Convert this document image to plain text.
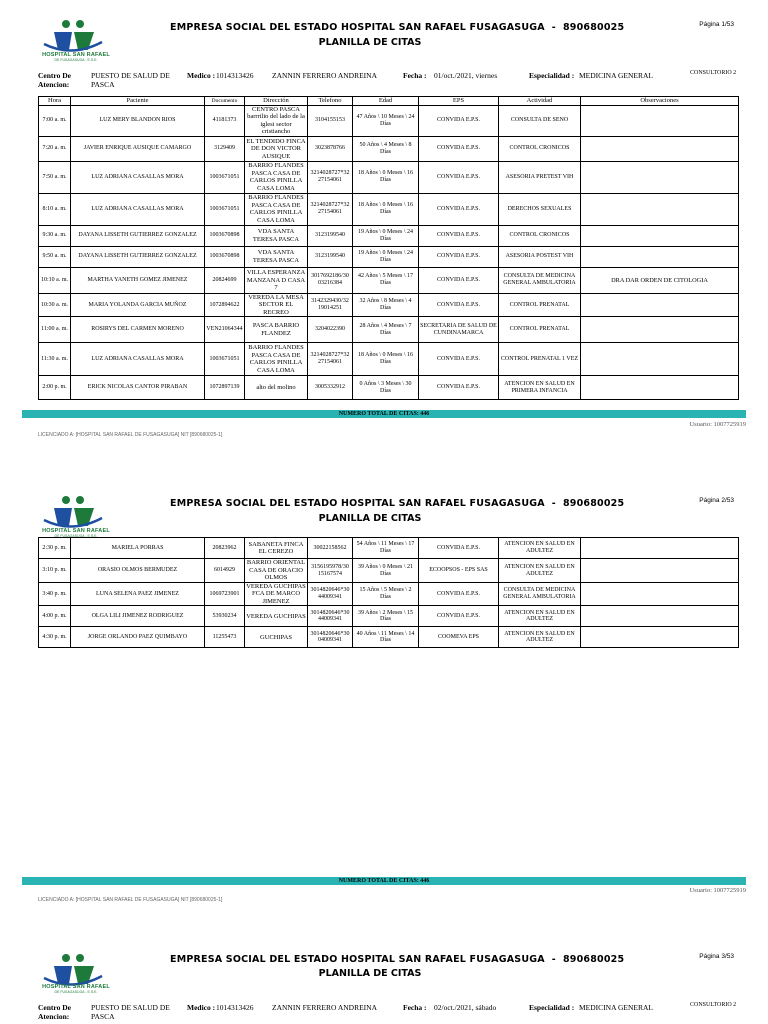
HOSPITAL SAN RAFAEL
DE FUSAGASUGA - E.S.E.
EMPRESA SOCIAL DEL ESTADO HOSPITAL SAN RAFAEL FUSAGASUGA - 890680025
PLANILLA DE CITAS
Página 1/53
Centro De Atencion:
PUESTO DE SALUD DE PASCA
Medico : 1014313426 ZANNIN FERRERO ANDREINA	Fecha : 01/oct./2021, viernes	Especialidad : MEDICINA GENERAL	CONSULTORIO 2
Hora	Paciente	Documento	Dirección	Telefono	Edad	EPS	Actividad	Observaciones
7:00 a. m.	LUZ MERY BLANDON RIOS	41181373	CENTRO PASCA barrrilio del lado de la iglesi sector cristiancho	3104155153	47 Años \ 10 Meses \ 24 Días	CONVIDA E.P.S.	CONSULTA DE SENO	
7:20 a. m.	JAVIER ENRIQUE AUSIQUE CAMARGO	3129409	EL TENDIDO FINCA DE DON VICTOR AUSIQUE	3023878766	50 Años \ 4 Meses \ 8 Días	CONVIDA E.P.S.	CONTROL CRONICOS	
7:50 a. m.	LUZ ADRIANA CASALLAS MORA	1003671051	BARRIO FLANDES PASCA CASA DE CARLOS PINILLA CASA LOMA	3214028727*32 27154061	18 Años \ 0 Meses \ 16 Días	CONVIDA E.P.S.	ASESORIA PRETEST VIH	
8:10 a. m.	LUZ ADRIANA CASALLAS MORA	1003671051	BARRIO FLANDES PASCA CASA DE CARLOS PINILLA CASA LOMA	3214028727*32 27154061	18 Años \ 0 Meses \ 16 Días	CONVIDA E.P.S.	DERECHOS SEXUALES	
9:30 a. m.	DAYANA LISSETH GUTIERREZ GONZALEZ	1003670898	VDA SANTA TERESA PASCA	3123199540	19 Años \ 0 Meses \ 24 Días	CONVIDA E.P.S.	CONTROL CRONICOS	
9:50 a. m.	DAYANA LISSETH GUTIERREZ GONZALEZ	1003670898	VDA SANTA TERESA PASCA	3123199540	19 Años \ 0 Meses \ 24 Días	CONVIDA E.P.S.	ASESORIA POSTEST VIH	
10:10 a. m.	MARTHA YANETH GOMEZ JIMENEZ	20824699	VILLA ESPERANZA MANZANA D CASA 7	3017692186/30 03216384	42 Años \ 5 Meses \ 17 Días	CONVIDA E.P.S.	CONSULTA DE MEDICINA GENERAL AMBULATORIA	DRA DAR ORDEN DE CITOLOGIA
10:30 a. m.	MARIA YOLANDA GARCIA MUÑOZ	1072894622	VEREDA LA MESA SECTOR EL RECREO	3142329430/32 19014251	32 Años \ 8 Meses \ 4 Días	CONVIDA E.P.S.	CONTROL PRENATAL	
11:00 a. m.	ROSIRYS DEL CARMEN MORENO	VEN21064344	PASCA BARRIO FLANDEZ	3204022390	28 Años \ 4 Meses \ 7 Días	SECRETARIA DE SALUD DE CUNDINAMARCA	CONTROL PRENATAL	
11:30 a. m.	LUZ ADRIANA CASALLAS MORA	1003671051	BARRIO FLANDES PASCA CASA DE CARLOS PINILLA CASA LOMA	3214028727*32 27154061	18 Años \ 0 Meses \ 16 Días	CONVIDA E.P.S.	CONTROL PRENATAL 1 VEZ	
2:00 p. m.	ERICK NICOLAS CANTOR PIRABAN	1072897139	alto del molino	3005332912	0 Años \ 3 Meses \ 30 Días	CONVIDA E.P.S.	ATENCION EN SALUD EN PRIMERA INFANCIA	
NUMERO TOTAL DE CITAS: 446
Usuario: 1007725919
LICENCIADO A: [HOSPITAL SAN RAFAEL DE FUSAGASUGA] NIT [890680025-1]
HOSPITAL SAN RAFAEL
DE FUSAGASUGA - E.S.E.
EMPRESA SOCIAL DEL ESTADO HOSPITAL SAN RAFAEL FUSAGASUGA - 890680025
PLANILLA DE CITAS
Página 2/53
2:30 p. m.	MARIELA PORRAS	20823962	SABANETA FINCA EL CEREZO	3002215856​2	54 Años \ 11 Meses \ 17 Días	CONVIDA E.P.S.	ATENCION EN SALUD EN ADULTEZ	
3:10 p. m.	ORASIO OLMOS BERMUDEZ	6014929	BARRIO ORIENTAL CASA DE ORACIO OLMOS	3156195978/30 15167574	39 Años \ 0 Meses \ 21 Días	ECOOPSOS - EPS SAS	ATENCION EN SALUD EN ADULTEZ	
3:40 p. m.	LUNA SELENA PAEZ JIMENEZ	1069723901	VEREDA GUCHIPAS FCA DE MARCO JIMENEZ	3014820646*30 44009341	15 Años \ 5 Meses \ 2 Días	CONVIDA E.P.S.	CONSULTA DE MEDICINA GENERAL AMBULATORIA	
4:00 p. m.	OLGA LILI JIMENEZ RODRIGUEZ	53930234	VEREDA GUCHIPAS	3014820646*30 44009341	39 Años \ 2 Meses \ 15 Días	CONVIDA E.P.S.	ATENCION EN SALUD EN ADULTEZ	
4:30 p. m.	JORGE ORLANDO PAEZ QUIMBAYO	11255473	GUCHIPAS	3014820646*30 04009341	40 Años \ 11 Meses \ 14 Días	COOMEVA EPS	ATENCION EN SALUD EN ADULTEZ	
NUMERO TOTAL DE CITAS: 446
Usuario: 1007725919
LICENCIADO A: [HOSPITAL SAN RAFAEL DE FUSAGASUGA] NIT [890680025-1]
HOSPITAL SAN RAFAEL
DE FUSAGASUGA - E.S.E.
EMPRESA SOCIAL DEL ESTADO HOSPITAL SAN RAFAEL FUSAGASUGA - 890680025
PLANILLA DE CITAS
Página 3/53
Centro De Atencion:
PUESTO DE SALUD DE PASCA
Medico : 1014313426 ZANNIN FERRERO ANDREINA	Fecha : 02/oct./2021, sábado	Especialidad : MEDICINA GENERAL	CONSULTORIO 2
